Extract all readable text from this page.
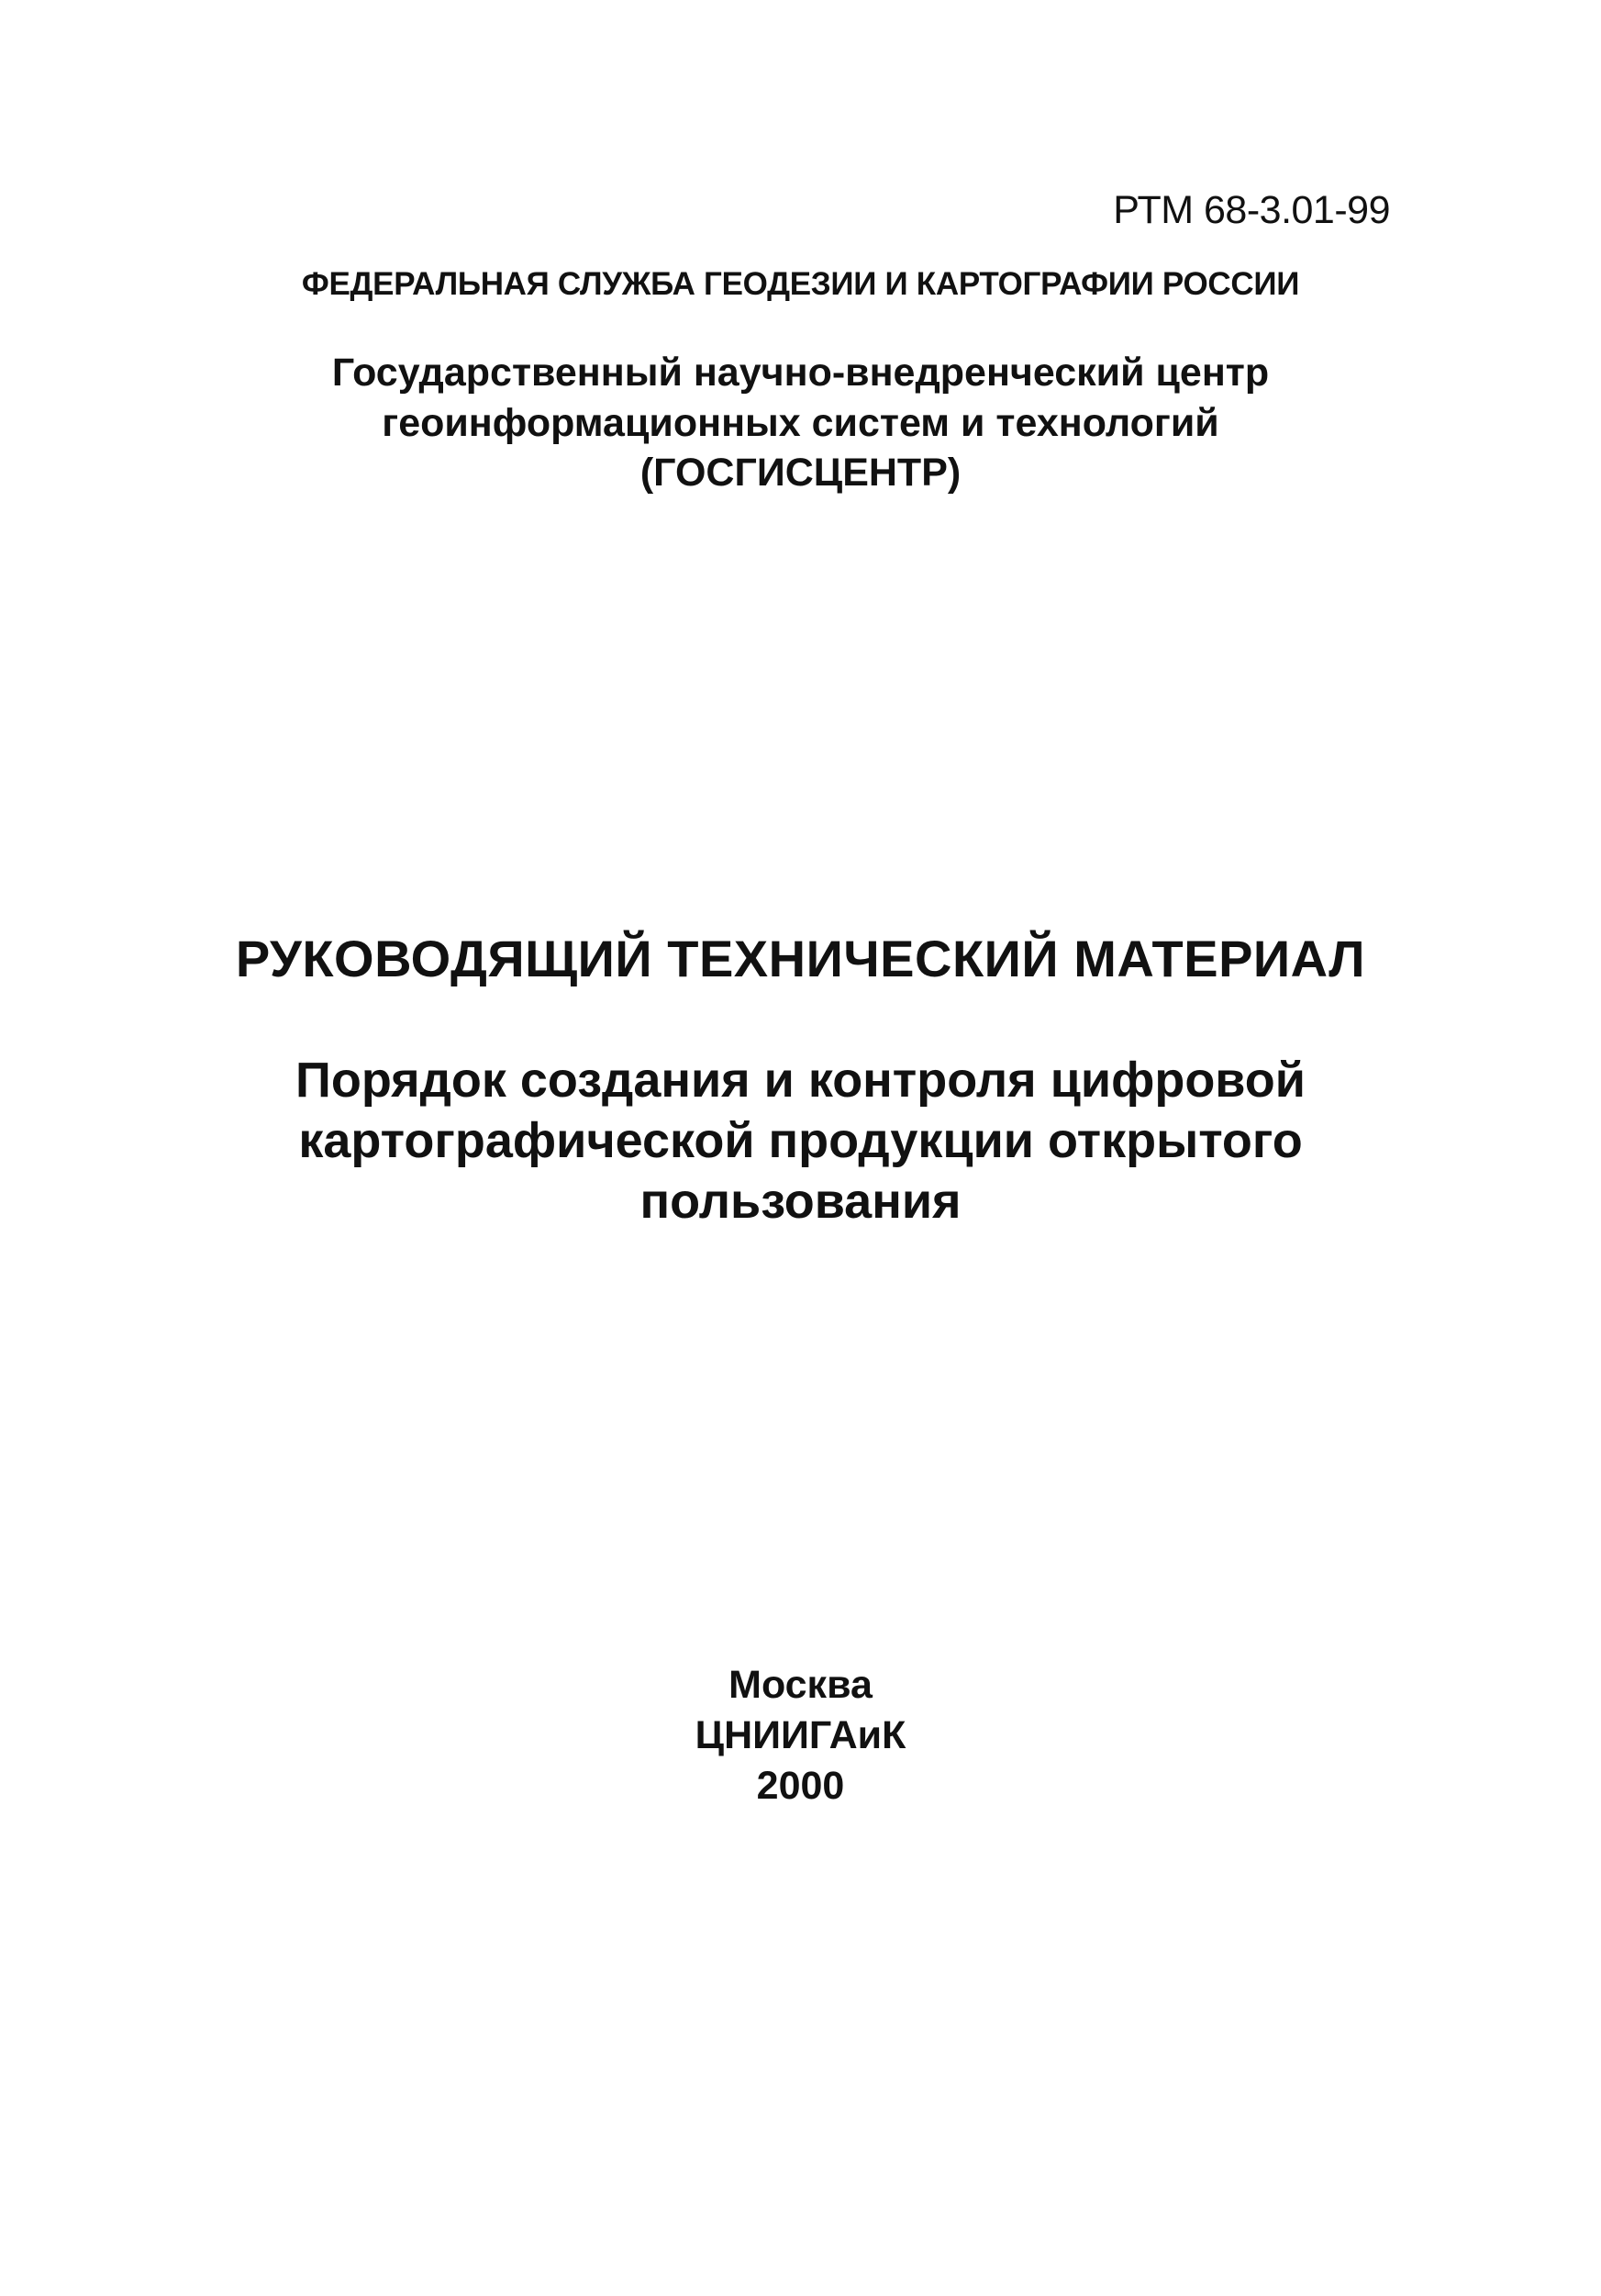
РТМ 68-3.01-99
ФЕДЕРАЛЬНАЯ СЛУЖБА ГЕОДЕЗИИ И КАРТОГРАФИИ РОССИИ
Государственный научно-внедренческий центр
геоинформационных систем и технологий
(ГОСГИСЦЕНТР)
РУКОВОДЯЩИЙ ТЕХНИЧЕСКИЙ МАТЕРИАЛ
Порядок создания и контроля цифровой
картографической продукции открытого
пользования
Москва
ЦНИИГАиК
2000
